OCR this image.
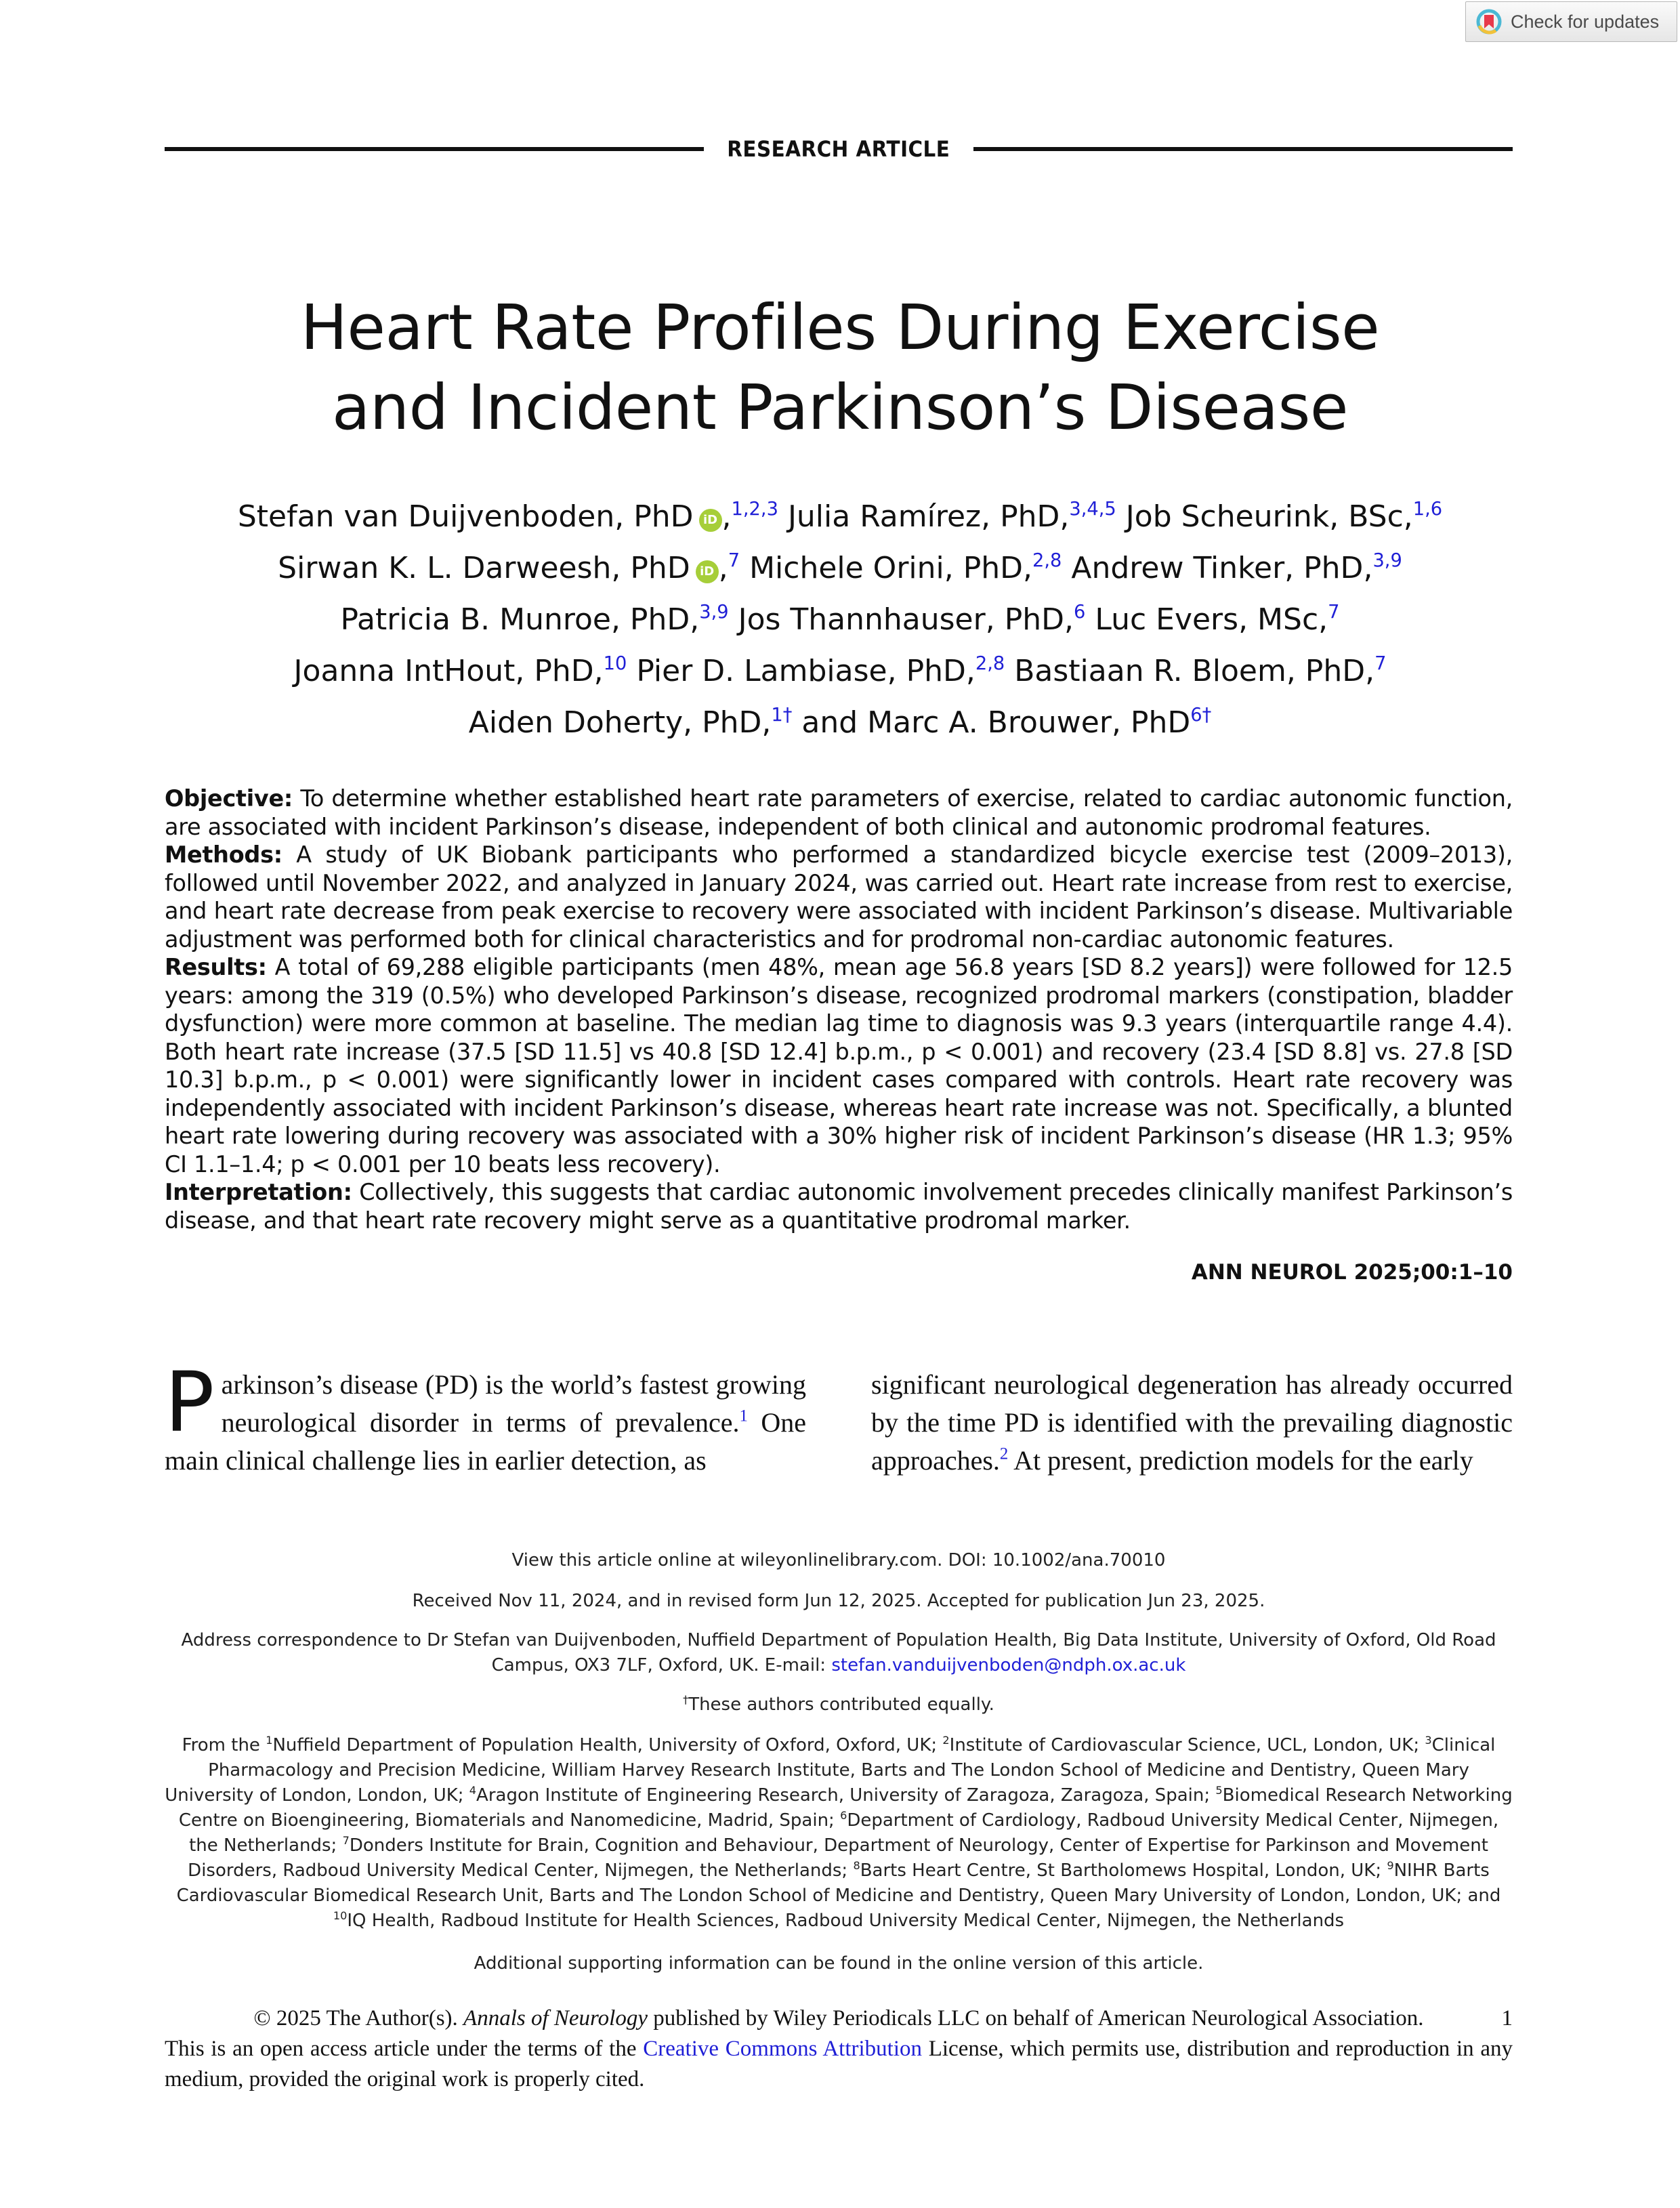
Check for updates
RESEARCH ARTICLE
Heart Rate Profiles During Exercise
and Incident Parkinson’s Disease
Stefan van Duijvenboden, PhD iD ,$^{1,2,3}$ Julia Ramírez, PhD,$^{3,4,5}$ Job Scheurink, BSc,$^{1,6}$
Sirwan K. L. Darweesh, PhD iD ,$^7$ Michele Orini, PhD,$^{2,8}$ Andrew Tinker, PhD,$^{3,9}$
Patricia B. Munroe, PhD,$^{3,9}$ Jos Thannhauser, PhD,$^6$ Luc Evers, MSc,$^7$
Joanna IntHout, PhD,$^{10}$ Pier D. Lambiase, PhD,$^{2,8}$ Bastiaan R. Bloem, PhD,$^7$
Aiden Doherty, PhD,$^{1\dagger}$ and Marc A. Brouwer, PhD$^{6\dagger}$

Objective: To determine whether established heart rate parameters of exercise, related to cardiac autonomic function, are associated with incident Parkinson’s disease, independent of both clinical and autonomic prodromal features.

Methods: A study of UK Biobank participants who performed a standardized bicycle exercise test (2009–2013), followed until November 2022, and analyzed in January 2024, was carried out. Heart rate increase from rest to exercise, and heart rate decrease from peak exercise to recovery were associated with incident Parkinson’s disease. Multivariable adjustment was performed both for clinical characteristics and for prodromal non-cardiac autonomic features.

Results: A total of 69,288 eligible participants (men 48%, mean age 56.8 years [SD 8.2 years]) were followed for 12.5 years: among the 319 (0.5%) who developed Parkinson’s disease, recognized prodromal markers (constipation, bladder dysfunction) were more common at baseline. The median lag time to diagnosis was 9.3 years (interquartile range 4.4). Both heart rate increase (37.5 [SD 11.5] vs 40.8 [SD 12.4] b.p.m., p < 0.001) and recovery (23.4 [SD 8.8] vs. 27.8 [SD 10.3] b.p.m., p < 0.001) were significantly lower in incident cases compared with controls. Heart rate recovery was independently associated with incident Parkinson’s disease, whereas heart rate increase was not. Specifically, a blunted heart rate lowering during recovery was associated with a 30% higher risk of incident Parkinson’s disease (HR 1.3; 95% CI 1.1–1.4; p < 0.001 per 10 beats less recovery).

Interpretation: Collectively, this suggests that cardiac autonomic involvement precedes clinically manifest Parkinson’s disease, and that heart rate recovery might serve as a quantitative prodromal marker.

ANN NEUROL 2025;00:1–10
Parkinson’s disease (PD) is the world’s fastest growing neurological disorder in terms of prevalence.$^1$ One main clinical challenge lies in earlier detection, as
significant neurological degeneration has already occurred by the time PD is identified with the prevailing diagnostic approaches.$^2$ At present, prediction models for the early
View this article online at wileyonlinelibrary.com. DOI: 10.1002/ana.70010
Received Nov 11, 2024, and in revised form Jun 12, 2025. Accepted for publication Jun 23, 2025.
Address correspondence to Dr Stefan van Duijvenboden, Nuffield Department of Population Health, Big Data Institute, University of Oxford, Old Road Campus, OX3 7LF, Oxford, UK. E-mail: stefan.vanduijvenboden@ndph.ox.ac.uk
†These authors contributed equally.
From the $^1$Nuffield Department of Population Health, University of Oxford, Oxford, UK; $^2$Institute of Cardiovascular Science, UCL, London, UK; $^3$Clinical Pharmacology and Precision Medicine, William Harvey Research Institute, Barts and The London School of Medicine and Dentistry, Queen Mary University of London, London, UK; $^4$Aragon Institute of Engineering Research, University of Zaragoza, Zaragoza, Spain; $^5$Biomedical Research Networking Centre on Bioengineering, Biomaterials and Nanomedicine, Madrid, Spain; $^6$Department of Cardiology, Radboud University Medical Center, Nijmegen, the Netherlands; $^7$Donders Institute for Brain, Cognition and Behaviour, Department of Neurology, Center of Expertise for Parkinson and Movement Disorders, Radboud University Medical Center, Nijmegen, the Netherlands; $^8$Barts Heart Centre, St Bartholomews Hospital, London, UK; $^9$NIHR Barts Cardiovascular Biomedical Research Unit, Barts and The London School of Medicine and Dentistry, Queen Mary University of London, London, UK; and
$^{10}$IQ Health, Radboud Institute for Health Sciences, Radboud University Medical Center, Nijmegen, the Netherlands
Additional supporting information can be found in the online version of this article.

© 2025 The Author(s). Annals of Neurology published by Wiley Periodicals LLC on behalf of American Neurological Association.	1

This is an open access article under the terms of the Creative Commons Attribution License, which permits use, distribution and reproduction in any medium, provided the original work is properly cited.
